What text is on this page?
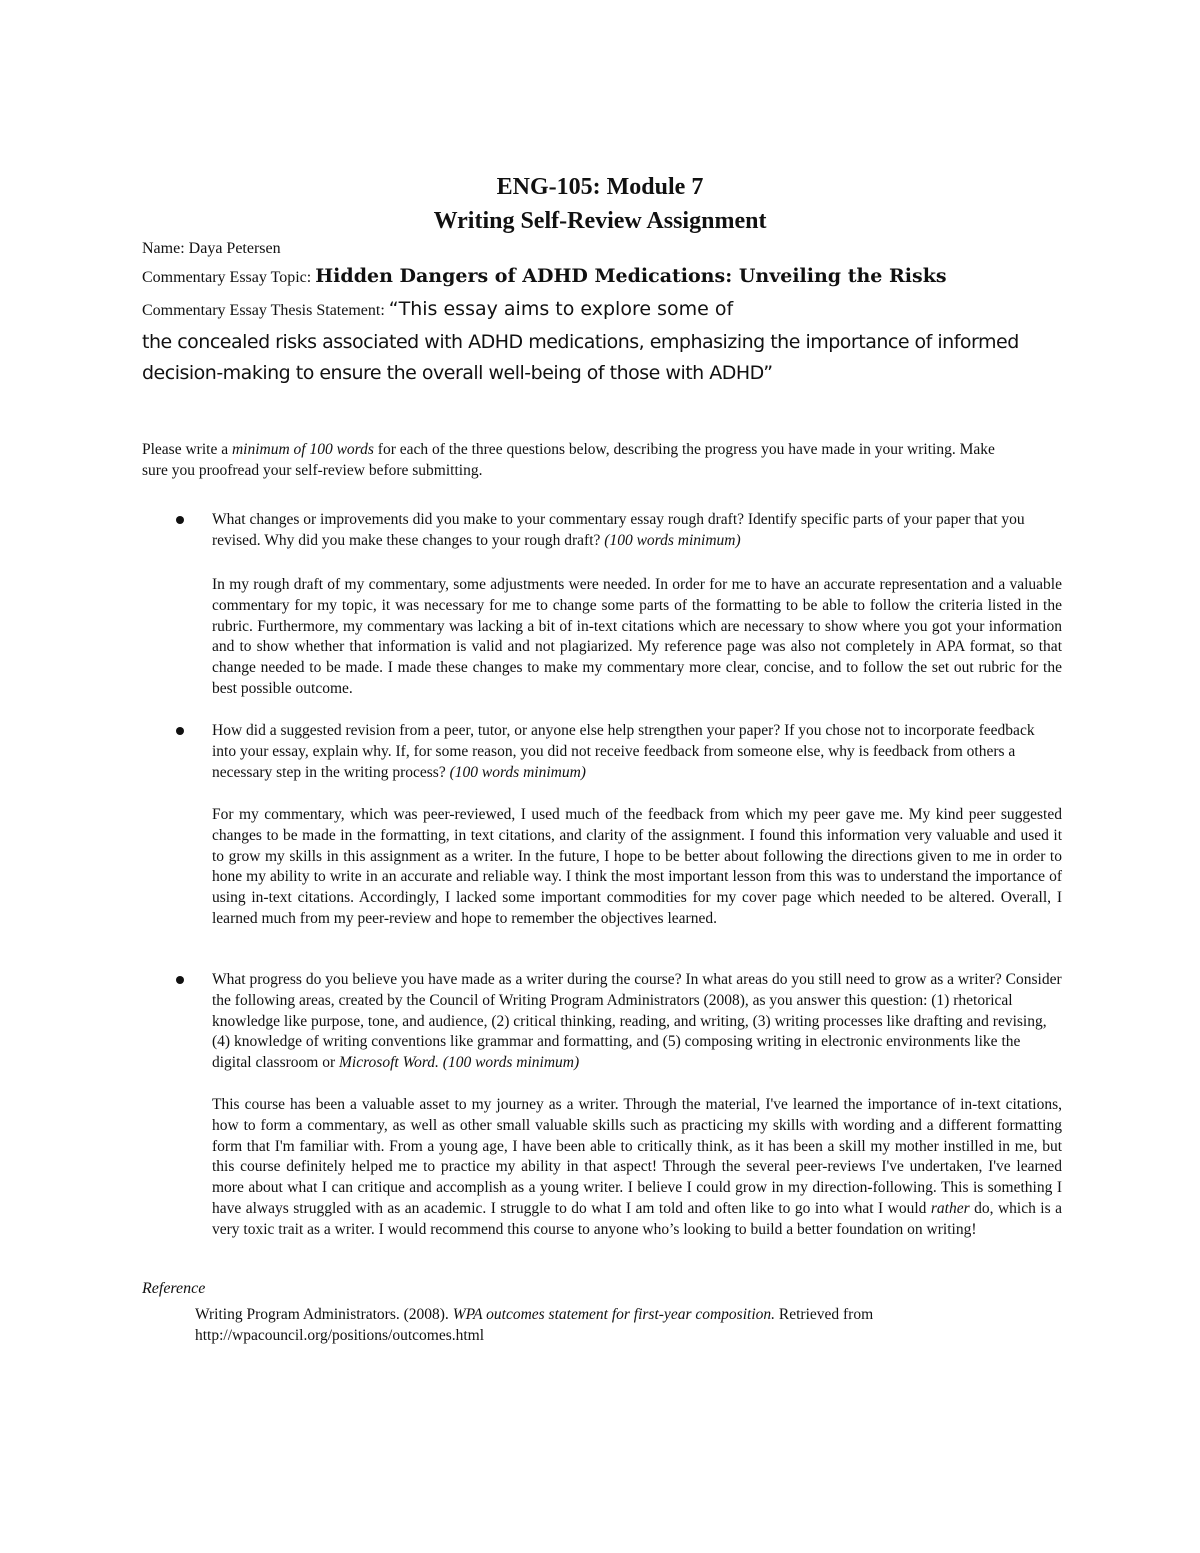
ENG-105: Module 7
Writing Self-Review Assignment
Name: Daya Petersen
Commentary Essay Topic: Hidden Dangers of ADHD Medications: Unveiling the Risks
Commentary Essay Thesis Statement: “This essay aims to explore some of
the concealed risks associated with ADHD medications, emphasizing the importance of informed decision-making to ensure the overall well-being of those with ADHD”
Please write a minimum of 100 words for each of the three questions below, describing the progress you have made in your writing. Make sure you proofread your self-review before submitting.
What changes or improvements did you make to your commentary essay rough draft? Identify specific parts of your paper that you revised. Why did you make these changes to your rough draft? (100 words minimum)
In my rough draft of my commentary, some adjustments were needed. In order for me to have an accurate representation and a valuable commentary for my topic, it was necessary for me to change some parts of the formatting to be able to follow the criteria listed in the rubric. Furthermore, my commentary was lacking a bit of in-text citations which are necessary to show where you got your information and to show whether that information is valid and not plagiarized. My reference page was also not completely in APA format, so that change needed to be made. I made these changes to make my commentary more clear, concise, and to follow the set out rubric for the best possible outcome.
How did a suggested revision from a peer, tutor, or anyone else help strengthen your paper? If you chose not to incorporate feedback into your essay, explain why. If, for some reason, you did not receive feedback from someone else, why is feedback from others a necessary step in the writing process? (100 words minimum)
For my commentary, which was peer-reviewed, I used much of the feedback from which my peer gave me. My kind peer suggested changes to be made in the formatting, in text citations, and clarity of the assignment. I found this information very valuable and used it to grow my skills in this assignment as a writer. In the future, I hope to be better about following the directions given to me in order to hone my ability to write in an accurate and reliable way. I think the most important lesson from this was to understand the importance of using in-text citations. Accordingly, I lacked some important commodities for my cover page which needed to be altered. Overall, I learned much from my peer-review and hope to remember the objectives learned.
What progress do you believe you have made as a writer during the course? In what areas do you still need to grow as a writer? Consider the following areas, created by the Council of Writing Program Administrators (2008), as you answer this question: (1) rhetorical knowledge like purpose, tone, and audience, (2) critical thinking, reading, and writing, (3) writing processes like drafting and revising, (4) knowledge of writing conventions like grammar and formatting, and (5) composing writing in electronic environments like the digital classroom or Microsoft Word. (100 words minimum)
This course has been a valuable asset to my journey as a writer. Through the material, I've learned the importance of in-text citations, how to form a commentary, as well as other small valuable skills such as practicing my skills with wording and a different formatting form that I'm familiar with. From a young age, I have been able to critically think, as it has been a skill my mother instilled in me, but this course definitely helped me to practice my ability in that aspect! Through the several peer-reviews I've undertaken, I've learned more about what I can critique and accomplish as a young writer. I believe I could grow in my direction-following. This is something I have always struggled with as an academic. I struggle to do what I am told and often like to go into what I would rather do, which is a very toxic trait as a writer. I would recommend this course to anyone who’s looking to build a better foundation on writing!
Reference
Writing Program Administrators. (2008). WPA outcomes statement for first-year composition. Retrieved from
http://wpacouncil.org/positions/outcomes.html
